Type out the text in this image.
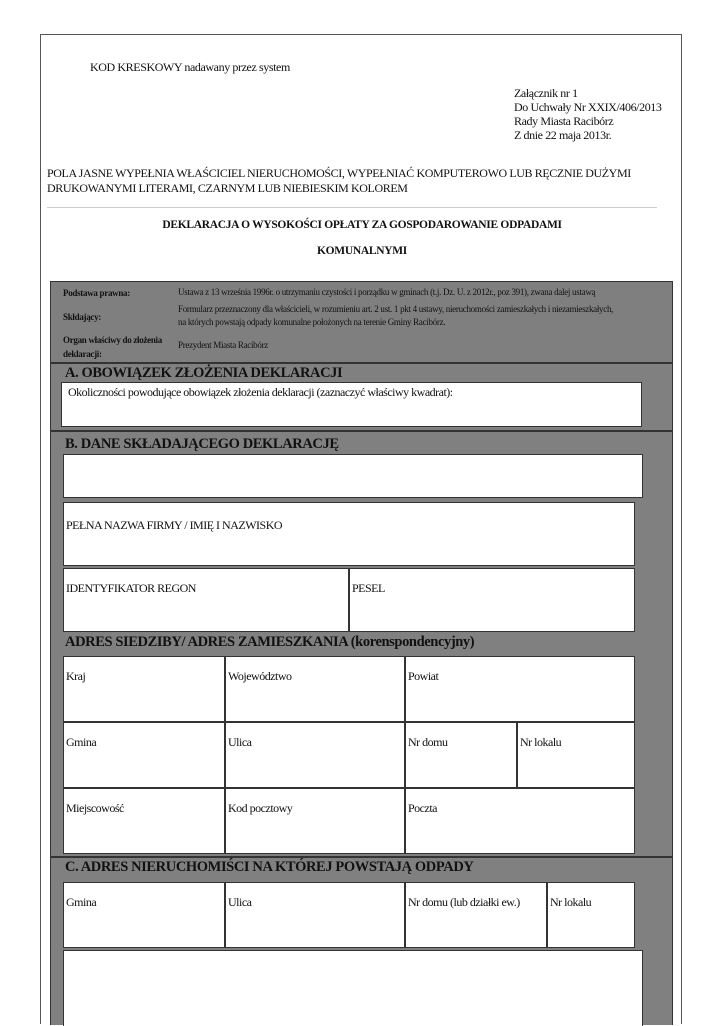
KOD KRESKOWY nadawany przez system
Załącznik nr 1
Do Uchwały Nr XXIX/406/2013
Rady Miasta Racibórz
Z dnie 22 maja 2013r.
POLA JASNE WYPEŁNIA WŁAŚCICIEL NIERUCHOMOŚCI, WYPEŁNIAĆ KOMPUTEROWO LUB RĘCZNIE DUŻYMI
DRUKOWANYMI LITERAMI, CZARNYM LUB NIEBIESKIM KOLOREM
DEKLARACJA O WYSOKOŚCI OPŁATY ZA GOSPODAROWANIE ODPADAMI
KOMUNALNYMI
Podstawa prawna:	Ustawa z 13 września 1996r. o utrzymaniu czystości i porządku w gminach (t.j. Dz. U. z 2012r., poz 391), zwana dalej ustawą
Skłdający:
Formularz przeznaczony dla właścicieli, w rozumieniu art. 2 ust. 1 pkt 4 ustawy, nieruchomości zamieszkałych i niezamieszkałych,
na których powstają odpady komunalne położonych na terenie Gminy Racibórz.
Organ właściwy do złożenia
deklaracji:
Prezydent Miasta Racibórz
A. OBOWIĄZEK ZŁOŻENIA DEKLARACJI
Okoliczności powodujące obowiązek złożenia deklaracji (zaznaczyć właściwy kwadrat):
B. DANE SKŁADAJĄCEGO DEKLARACJĘ
PEŁNA NAZWA FIRMY / IMIĘ I NAZWISKO
IDENTYFIKATOR REGON	PESEL
ADRES SIEDZIBY/ ADRES ZAMIESZKANIA (korenspondencyjny)
Kraj	Województwo	Powiat
Gmina	Ulica	Nr domu	Nr lokalu
Miejscowość	Kod pocztowy	Poczta
C. ADRES NIERUCHOMIŚCI NA KTÓREJ POWSTAJĄ ODPADY
Gmina	Ulica	Nr domu (lub działki ew.)	Nr lokalu
